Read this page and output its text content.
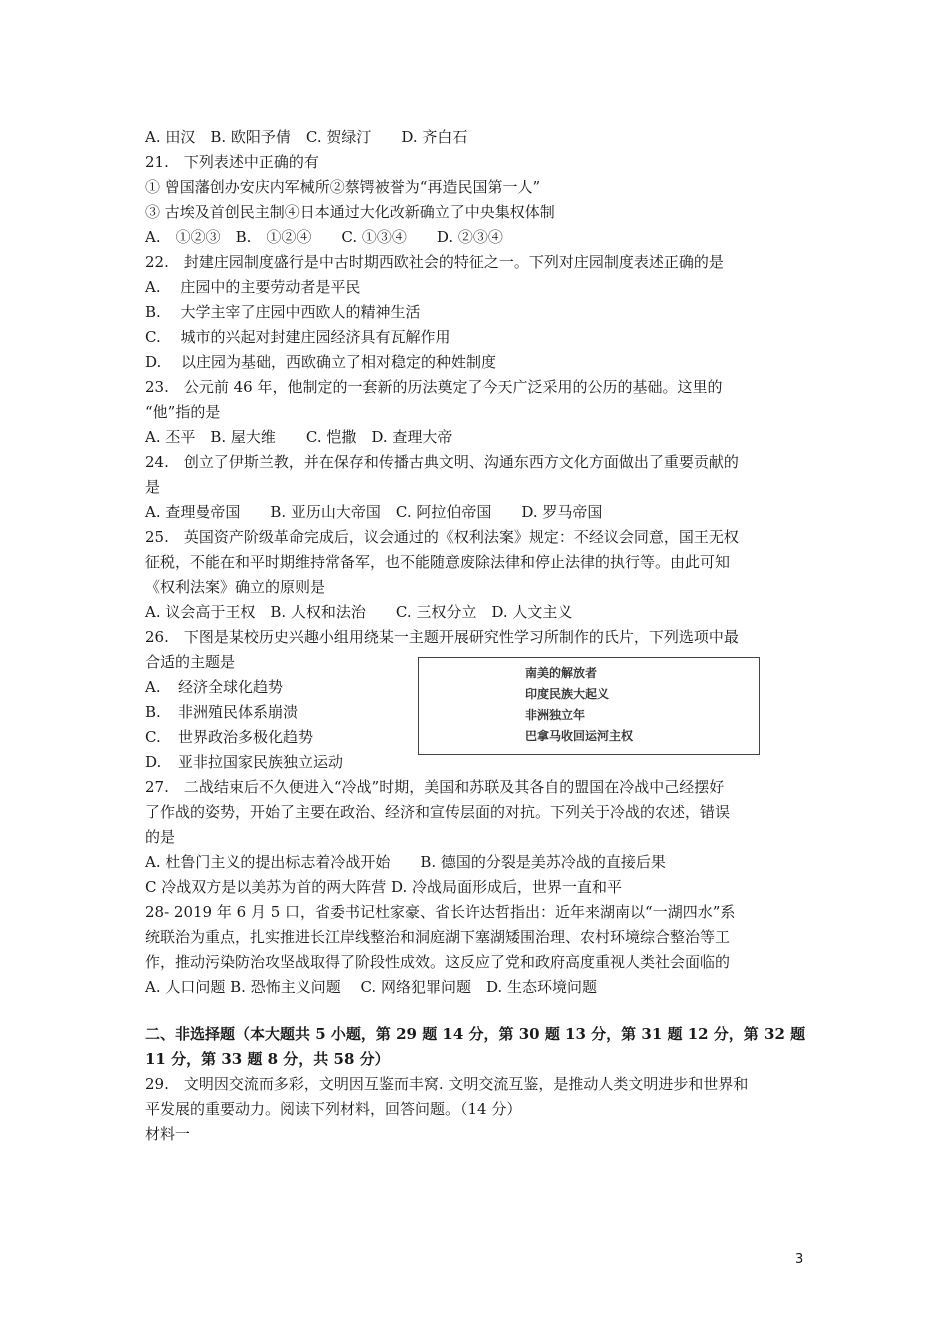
A. 田汉　B. 欧阳予倩　C. 贺绿汀　　D. 齐白石
21.　下列表述中正确的有
① 曾国藩创办安庆内军械所②蔡锷被誉为“再造民国第一人”
③ 古埃及首创民主制④日本通过大化改新确立了中央集权体制
A.　①②③　B.　①②④　　C. ①③④　　D. ②③④
22.　封建庄园制度盛行是中古时期西欧社会的特征之一。下列对庄园制度表述正确的是
A.　 庄园中的主要劳动者是平民
B.　 大学主宰了庄园中西欧人的精神生活
C.　 城市的兴起对封建庄园经济具有瓦解作用
D.　 以庄园为基础，西欧确立了相对稳定的种姓制度
23.　公元前 46 年，他制定的一套新的历法奠定了今天广泛采用的公历的基础。这里的
“他”指的是
A. 丕平　B. 屋大维　　C. 恺撒　D. 查理大帝
24.　创立了伊斯兰教，并在保存和传播古典文明、沟通东西方文化方面做出了重要贡献的
是
A. 查理曼帝国　　B. 亚历山大帝国　C. 阿拉伯帝国　　D. 罗马帝国
25.　英国资产阶级革命完成后，议会通过的《权利法案》规定：不经议会同意，国王无权
征税，不能在和平时期维持常备军，也不能随意废除法律和停止法律的执行等。由此可知
《权利法案》确立的原则是
A. 议会高于王权　B. 人权和法治　　C. 三权分立　D. 人文主义
26.　下图是某校历史兴趣小组用绕某一主题开展研究性学习所制作的氏片，下列选项中最
合适的主题是
A. 经济全球化趋势
B. 非洲殖民体系崩溃
C. 世界政治多极化趋势
D. 亚非拉国家民族独立运动
27.　二战结束后不久便进入“冷战”时期，美国和苏联及其各自的盟国在冷战中己经摆好
了作战的姿势，开始了主要在政治、经济和宣传层面的对抗。下列关于冷战的农述，错误
的是
A. 杜鲁门主义的提出标志着冷战开始　　B. 德国的分裂是美苏冷战的直接后果
C 冷战双方是以美苏为首的两大阵营 D. 冷战局面形成后，世界一直和平
28- 2019 年 6 月 5 口，省委书记杜家豪、省长许达哲指出：近年来湖南以“一湖四水”系
统联治为重点，扎实推进长江岸线整治和洞庭湖下塞湖矮围治理、农村环境综合整治等工
作，推动污染防治攻坚战取得了阶段性成效。这反应了党和政府高度重视人类社会面临的
A. 人口问题 B. 恐怖主义问题　 C. 网络犯罪问题　D. 生态环境问题
二、非选择题（本大题共 5 小题，第 29 题 14 分，第 30 题 13 分，第 31 题 12 分，第 32 题
11 分，第 33 题 8 分，共 58 分）
29.　文明因交流而多彩，文明因互鉴而丰窝. 文明交流互鉴，是推动人类文明进步和世界和
平发展的重要动力。阅读下列材料，回答问题。（14 分）
材料一
南美的解放者
印度民族大起义
非洲独立年
巴拿马收回运河主权
3
